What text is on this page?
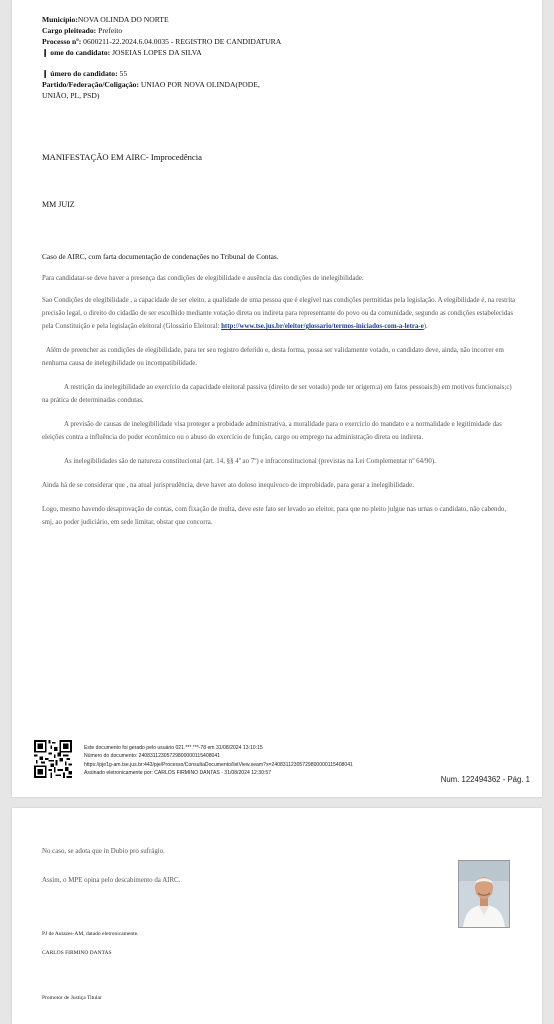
Município:NOVA OLINDA DO NORTE

Cargo pleiteado: Prefeito

Processo nº: 0600211-22.2024.6.04.0035 - REGISTRO DE CANDIDATURA

❙ ome do candidato: JOSEIAS LOPES DA SILVA

❙ úmero do candidato: 55

Partido/Federação/Coligação: UNIAO POR NOVA OLINDA(PODE,

UNIÃO, PL, PSD)

MANIFESTAÇÃO EM AIRC- Improcedência
MM JUIZ

Caso de AIRC, com farta documentação de condenações no Tribunal de Contas.

Para candidatar-se deve haver a presença das condições de elegibilidade e ausência das condições de inelegibilidade.

Sao Condições de elegibilidade , a capacidade de ser eleito, a qualidade de uma pessoa que é elegível nas condições permitidas pela legislação. A elegibilidade é, na restrita precisão legal, o direito do cidadão de ser escolhido mediante votação direta ou indireta para representante do povo ou da comunidade, segundo as condições estabelecidas pela Constituição e pela legislação eleitoral (Glossário Eleitoral: http://www.tse.jus.br/eleitor/glossario/termos-iniciados-com-a-letra-e).

Além de preencher as condições de elegibilidade, para ter seu registro deferido e, desta forma, possa ser validamente votado, o candidato deve, ainda, não incorrer em nenhuma causa de inelegibilidade ou incompatibilidade.

A restrição da inelegibilidade ao exercício da capacidade eleitoral passiva (direito de ser votado) pode ter origem:a) em fatos pessoais;b) em motivos funcionais;c) na prática de determinadas condutas.

A previsão de causas de inelegibilidade visa proteger a probidade administrativa, a moralidade para o exercício do mandato e a normalidade e legitimidade das eleições contra a influência do poder econômico ou o abuso do exercício de função, cargo ou emprego na administração direta ou indireta.

As inelegibilidades são de natureza constitucional (art. 14, §§ 4º ao 7º) e infraconstitucional (previstas na Lei Complementar nº 64/90).

Ainda há de se considerar que , na atual jurisprudência, deve haver ato doloso inequívoco de improbidade, para gerar a inelegibilidade.

Logo, mesmo havendo desaprovação de contas, com fixação de multa, deve este fato ser levado ao eleitor, para que no pleito julgue nas urnas o candidato, não cabendo, smj, ao poder judiciário, em sede limitar, obstar que concorra.

Este documento foi gerado pelo usuário 021.***.***-78 em 31/08/2024 13:10:15

Número do documento: 24083112305729800000115408041

https://pje1g-am.tse.jus.br:443/pje/Processo/ConsultaDocumento/listView.seam?x=24083112305729800000115408041

Assinado eletronicamente por: CARLOS FIRMINO DANTAS - 31/08/2024 12:30:57

Num. 122494362 - Pág. 1
No caso, se adota que in Dubio pro sufrágio.
Assim, o MPE opina pelo descabimento da AIRC.
PJ de Autazes-AM, datado eletronicamente.
CARLOS FIRMINO DANTAS
Promotor de Justiça Titular
